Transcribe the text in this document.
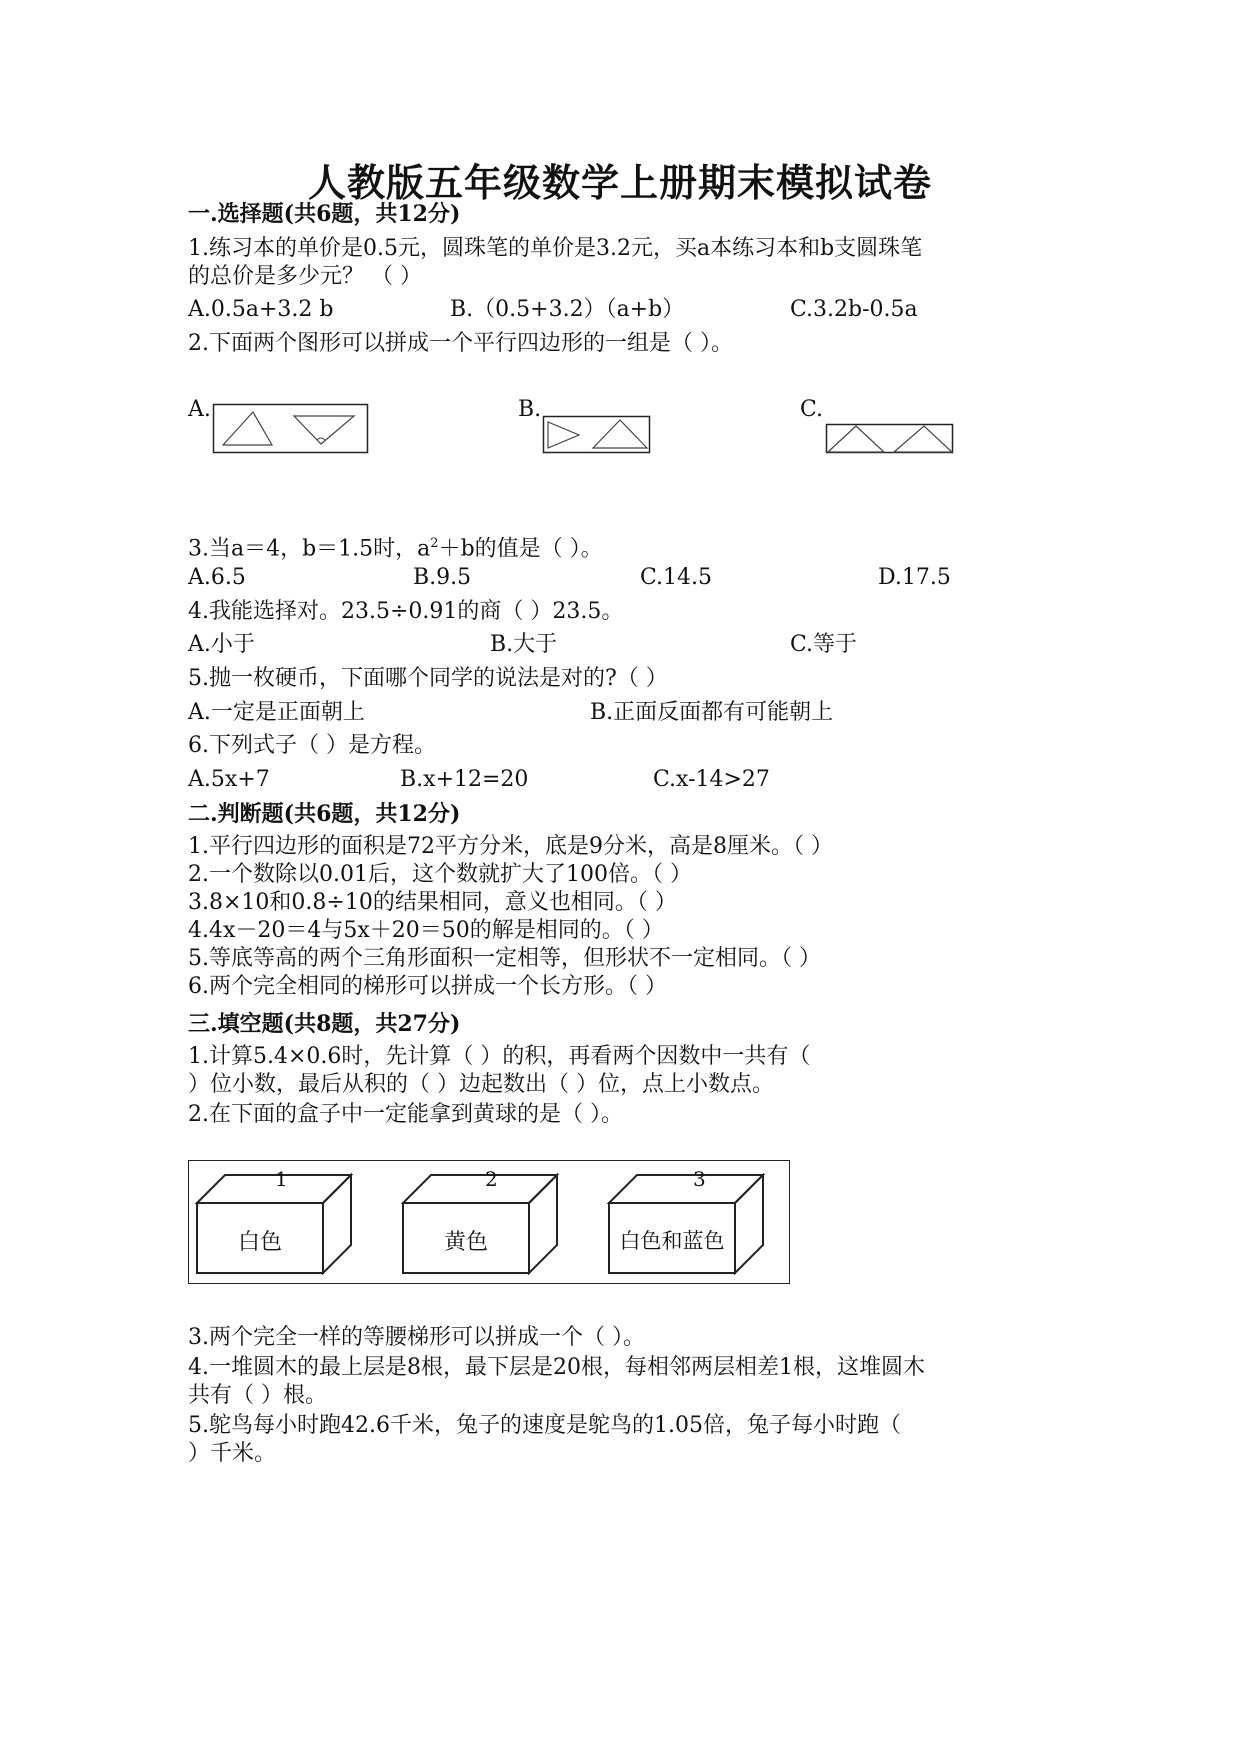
人教版五年级数学上册期末模拟试卷
一.选择题(共6题，共12分)
1.练习本的单价是0.5元，圆珠笔的单价是3.2元，买a本练习本和b支圆珠笔
的总价是多少元？ （ ）
A.0.5a+3.2 b	B.（0.5+3.2）（a+b）	C.3.2b-0.5a
2.下面两个图形可以拼成一个平行四边形的一组是（ ）。
A.	B.	C.
3.当a＝4，b＝1.5时，$a^2+b$的值是（ ）。
A.6.5	B.9.5	C.14.5	D.17.5
4.我能选择对。23.5÷0.91的商（ ）23.5。
A.小于	B.大于	C.等于
5.抛一枚硬币，下面哪个同学的说法是对的?（ ）
A.一定是正面朝上	B.正面反面都有可能朝上
6.下列式子（ ）是方程。
A.5x+7	B.x+12=20	C.x-14>27
二.判断题(共6题，共12分)
1.平行四边形的面积是72平方分米，底是9分米，高是8厘米。（ ）
2.一个数除以0.01后，这个数就扩大了100倍。（ ）
3.8×10和0.8÷10的结果相同，意义也相同。（ ）
4.4x－20＝4与5x＋20＝50的解是相同的。（ ）
5.等底等高的两个三角形面积一定相等，但形状不一定相同。（ ）
6.两个完全相同的梯形可以拼成一个长方形。（ ）
三.填空题(共8题，共27分)
1.计算5.4×0.6时，先计算（ ）的积，再看两个因数中一共有（
）位小数，最后从积的（ ）边起数出（ ）位，点上小数点。
2.在下面的盒子中一定能拿到黄球的是（ ）。
1
白色
2
黄色
3
白色和蓝色
3.两个完全一样的等腰梯形可以拼成一个（ ）。
4.一堆圆木的最上层是8根，最下层是20根，每相邻两层相差1根，这堆圆木
共有（ ）根。
5.鸵鸟每小时跑42.6千米，兔子的速度是鸵鸟的1.05倍，兔子每小时跑（
）千米。
